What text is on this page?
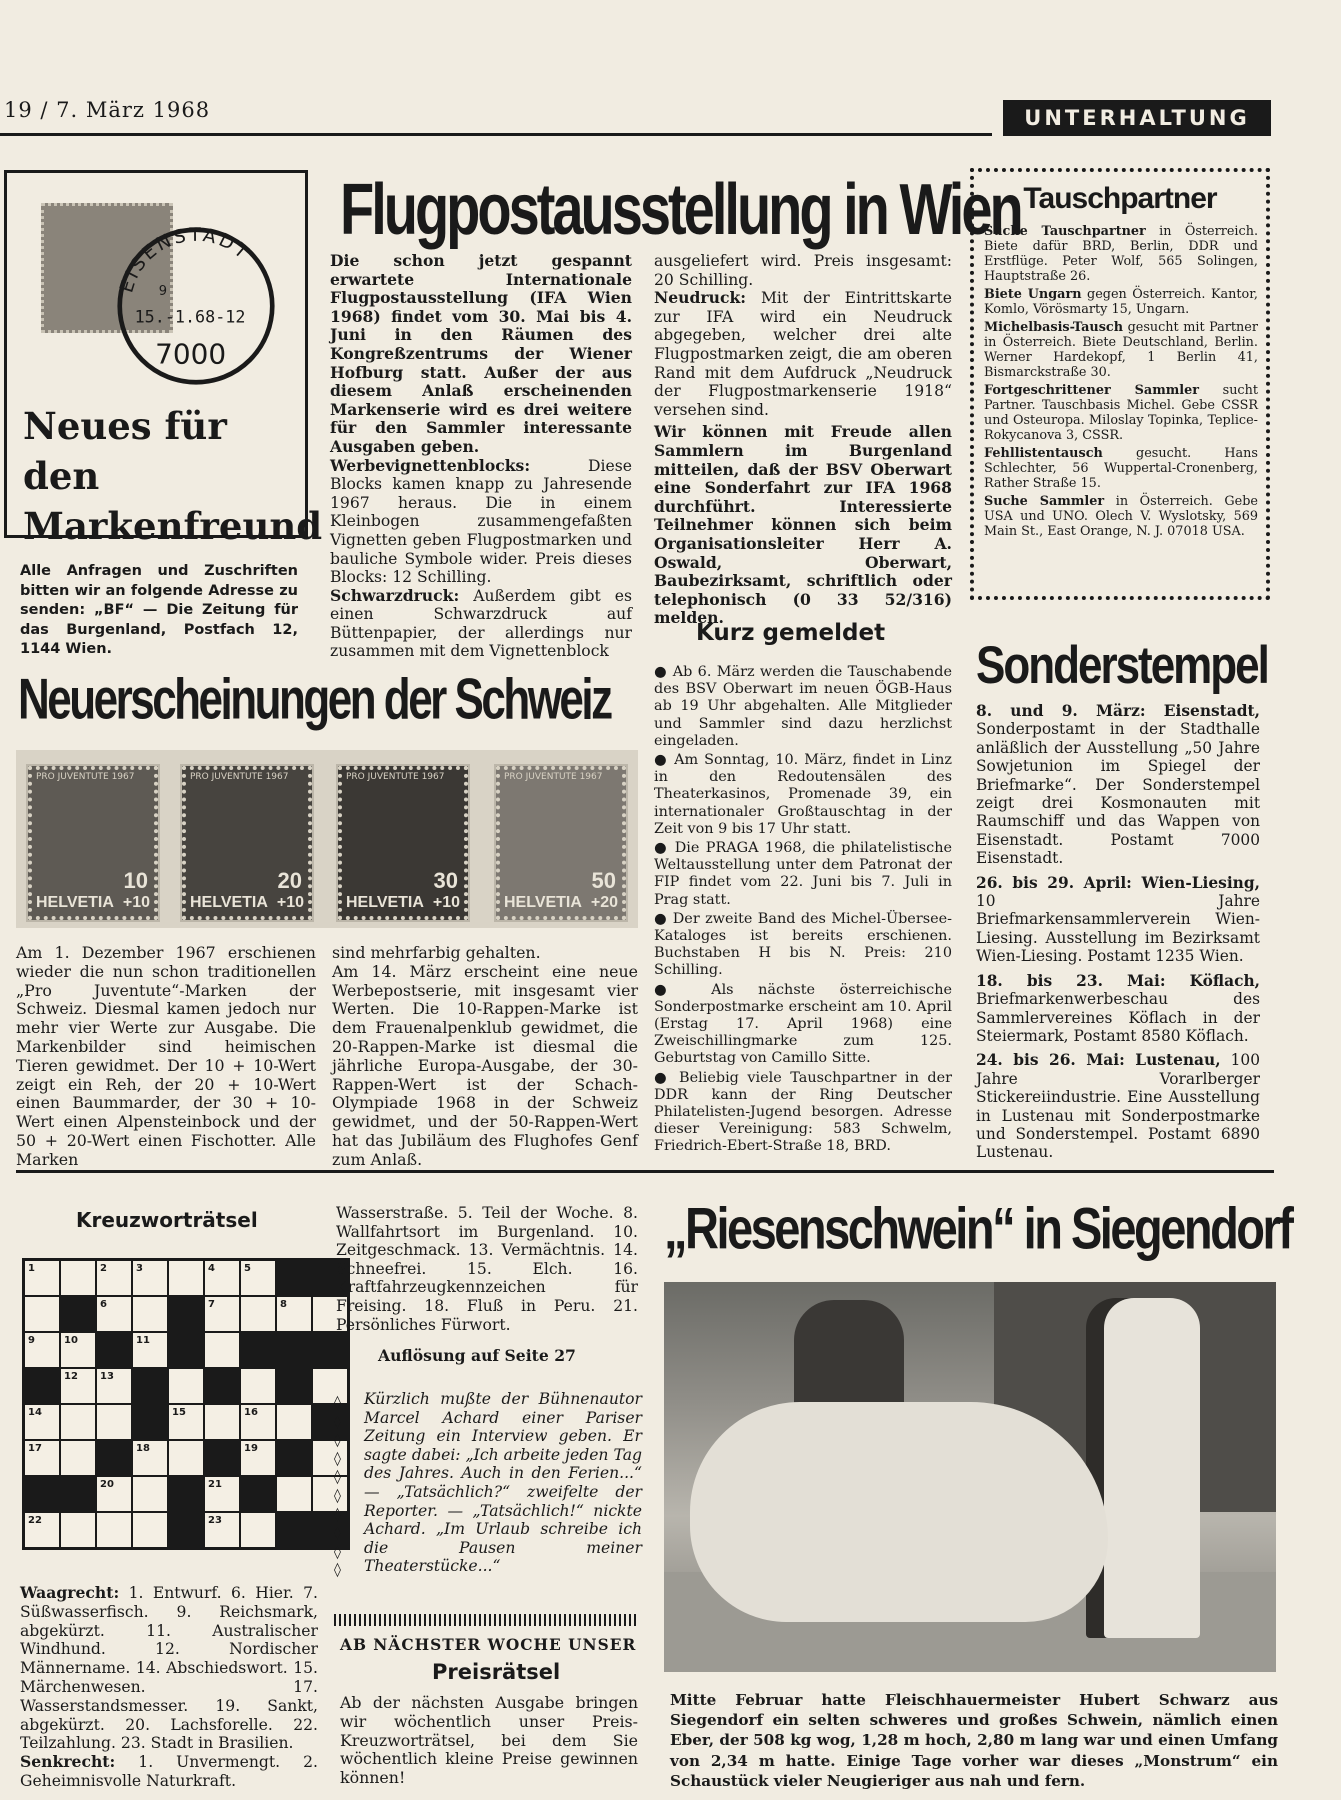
19 / 7. März 1968	UNTERHALTUNG
EISENSTADT
9
15.-1.68-12
7000
Neues für den
Markenfreund
Alle Anfragen und Zuschriften bitten wir an folgende Adresse zu senden: „BF“ — Die Zeitung für das Burgenland, Postfach 12, 1144 Wien.
Flugpostausstellung in Wien

Die schon jetzt gespannt erwartete Internationale Flugpostausstellung (IFA Wien 1968) findet vom 30. Mai bis 4. Juni in den Räumen des Kongreßzentrums der Wiener Hofburg statt. Außer der aus diesem Anlaß erscheinenden Markenserie wird es drei weitere für den Sammler interessante Ausgaben geben.

Werbevignettenblocks: Diese Blocks kamen knapp zu Jahresende 1967 heraus. Die in einem Kleinbogen zusammengefaßten Vignetten geben Flugpostmarken und bauliche Symbole wider. Preis dieses Blocks: 12 Schilling.

Schwarzdruck: Außerdem gibt es einen Schwarzdruck auf Büttenpapier, der allerdings nur zusammen mit dem Vignettenblock

ausgeliefert wird. Preis insgesamt: 20 Schilling.

Neudruck: Mit der Eintrittskarte zur IFA wird ein Neudruck abgegeben, welcher drei alte Flugpostmarken zeigt, die am oberen Rand mit dem Aufdruck „Neudruck der Flugpostmarkenserie 1918“ versehen sind.

Wir können mit Freude allen Sammlern im Burgenland mitteilen, daß der BSV Oberwart eine Sonderfahrt zur IFA 1968 durchführt. Interessierte Teilnehmer können sich beim Organisationsleiter Herr A. Oswald, Oberwart, Baubezirksamt, schriftlich oder telephonisch (0 33 52/316) melden.

Tauschpartner

Suche Tauschpartner in Österreich. Biete dafür BRD, Berlin, DDR und Erstflüge. Peter Wolf, 565 Solingen, Hauptstraße 26.

Biete Ungarn gegen Österreich. Kantor, Komlo, Vörösmarty 15, Ungarn.

Michelbasis-Tausch gesucht mit Partner in Österreich. Biete Deutschland, Berlin. Werner Hardekopf, 1 Berlin 41, Bismarckstraße 30.

Fortgeschrittener Sammler sucht Partner. Tauschbasis Michel. Gebe CSSR und Osteuropa. Miloslay Topinka, Teplice-Rokycanova 3, CSSR.

Fehllistentausch gesucht. Hans Schlechter, 56 Wuppertal-Cronenberg, Rather Straße 15.

Suche Sammler in Österreich. Gebe USA und UNO. Olech V. Wyslotsky, 569 Main St., East Orange, N. J. 07018 USA.

Neuerscheinungen der Schweiz
PRO JUVENTUTE 1967
HELVETIA +10
10
PRO JUVENTUTE 1967
HELVETIA +10
20
PRO JUVENTUTE 1967
HELVETIA +10
30
PRO JUVENTUTE 1967
HELVETIA +20
50
Am 1. Dezember 1967 erschienen wieder die nun schon traditionellen „Pro Juventute“-Marken der Schweiz. Diesmal kamen jedoch nur mehr vier Werte zur Ausgabe. Die Markenbilder sind heimischen Tieren gewidmet. Der 10 + 10-Wert zeigt ein Reh, der 20 + 10-Wert einen Baummarder, der 30 + 10-Wert einen Alpensteinbock und der 50 + 20-Wert einen Fischotter. Alle Marken
sind mehrfarbig gehalten.
Am 14. März erscheint eine neue Werbepostserie, mit insgesamt vier Werten. Die 10-Rappen-Marke ist dem Frauenalpenklub gewidmet, die 20-Rappen-Marke ist diesmal die jährliche Europa-Ausgabe, der 30-Rappen-Wert ist der Schach-Olympiade 1968 in der Schweiz gewidmet, und der 50-Rappen-Wert hat das Jubiläum des Flughofes Genf zum Anlaß.
Kurz gemeldet

● Ab 6. März werden die Tauschabende des BSV Oberwart im neuen ÖGB-Haus ab 19 Uhr abgehalten. Alle Mitglieder und Sammler sind dazu herzlichst eingeladen.

● Am Sonntag, 10. März, findet in Linz in den Redoutensälen des Theaterkasinos, Promenade 39, ein internationaler Großtauschtag in der Zeit von 9 bis 17 Uhr statt.

● Die PRAGA 1968, die philatelistische Weltausstellung unter dem Patronat der FIP findet vom 22. Juni bis 7. Juli in Prag statt.

● Der zweite Band des Michel-Übersee-Kataloges ist bereits erschienen. Buchstaben H bis N. Preis: 210 Schilling.

● Als nächste österreichische Sonderpostmarke erscheint am 10. April (Erstag 17. April 1968) eine Zweischillingmarke zum 125. Geburtstag von Camillo Sitte.

● Beliebig viele Tauschpartner in der DDR kann der Ring Deutscher Philatelisten-Jugend besorgen. Adresse dieser Vereinigung: 583 Schwelm, Friedrich-Ebert-Straße 18, BRD.

Sonderstempel

8. und 9. März: Eisenstadt, Sonderpostamt in der Stadthalle anläßlich der Ausstellung „50 Jahre Sowjetunion im Spiegel der Briefmarke“. Der Sonderstempel zeigt drei Kosmonauten mit Raumschiff und das Wappen von Eisenstadt. Postamt 7000 Eisenstadt.

26. bis 29. April: Wien-Liesing, 10 Jahre Briefmarkensammlerverein Wien-Liesing. Ausstellung im Bezirksamt Wien-Liesing. Postamt 1235 Wien.

18. bis 23. Mai: Köflach, Briefmarkenwerbeschau des Sammlervereines Köflach in der Steiermark, Postamt 8580 Köflach.

24. bis 26. Mai: Lustenau, 100 Jahre Vorarlberger Stickereiindustrie. Eine Ausstellung in Lustenau mit Sonderpostmarke und Sonderstempel. Postamt 6890 Lustenau.

Kreuzworträtsel
1	2	3	4	5
6	7	8
9	10	11
12 13
14	15	16
17	18	19
20	21
22	23

Waagrecht: 1. Entwurf. 6. Hier. 7. Süßwasserfisch. 9. Reichsmark, abgekürzt. 11. Australischer Windhund. 12. Nordischer Männername. 14. Abschiedswort. 15. Märchenwesen. 17. Wasserstandsmesser. 19. Sankt, abgekürzt. 20. Lachsforelle. 22. Teilzahlung. 23. Stadt in Brasilien.

Senkrecht: 1. Unvermengt. 2. Geheimnisvolle Naturkraft.

Wasserstraße. 5. Teil der Woche. 8. Wallfahrtsort im Burgenland. 10. Zeitgeschmack. 13. Vermächtnis. 14. Schneefrei. 15. Elch. 16. Kraftfahrzeugkennzeichen für Freising. 18. Fluß in Peru. 21. Persönliches Fürwort.
Auflösung auf Seite 27
◊
◊
◊
◊
◊
◊
◊
◊
◊
◊
Kürzlich mußte der Bühnenautor Marcel Achard einer Pariser Zeitung ein Interview geben. Er sagte dabei: „Ich arbeite jeden Tag des Jahres. Auch in den Ferien...“ — „Tatsächlich?“ zweifelte der Reporter. — „Tatsächlich!“ nickte Achard. „Im Urlaub schreibe ich die Pausen meiner Theaterstücke...“
AB NÄCHSTER WOCHE UNSER
Preisrätsel
Ab der nächsten Ausgabe bringen wir wöchentlich unser Preis-Kreuzworträtsel, bei dem Sie wöchentlich kleine Preise gewinnen können!
„Riesenschwein“ in Siegendorf
Mitte Februar hatte Fleischhauermeister Hubert Schwarz aus Siegendorf ein selten schweres und großes Schwein, nämlich einen Eber, der 508 kg wog, 1,28 m hoch, 2,80 m lang war und einen Umfang von 2,34 m hatte. Einige Tage vorher war dieses „Monstrum“ ein Schaustück vieler Neugieriger aus nah und fern.
